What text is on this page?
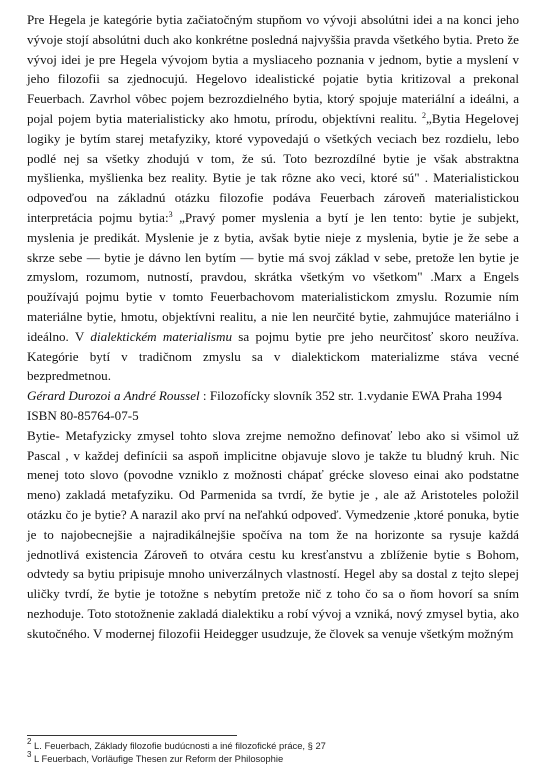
Pre Hegela je kategórie bytia začiatočným stupňom vo vývoji absolútni idei a na konci jeho vývoje stojí absolútni duch ako konkrétne posledná najvyššia pravda všetkého bytia. Preto že vývoj idei je pre Hegela vývojom bytia a mysliaceho poznania v jednom, bytie a myslení v jeho filozofii sa zjednocujú. Hegelovo idealistické pojatie bytia kritizoval a prekonal Feuerbach. Zavrhol vôbec pojem bezrozdielného bytia, ktorý spojuje materiální a ideálni, a pojal pojem bytia materialisticky ako hmotu, prírodu, objektívni realitu. $^2$„Bytia Hegelovej logiky je bytím starej metafyziky, ktoré vypovedajú o všetkých veciach bez rozdielu, lebo podlé nej sa všetky zhodujú v tom, že sú. Toto bezrozdílné bytie je však abstraktna myšlienka, myšlienka bez reality. Bytie je tak rôzne ako veci, ktoré sú" . Materialistickou odpoveďou na základnú otázku filozofie podáva Feuerbach zároveň materialistickou interpretácia pojmu bytia:$^3$ „Pravý pomer myslenia a bytí je len tento: bytie je subjekt, myslenia je predikát. Myslenie je z bytia, avšak bytie nieje z myslenia, bytie je že sebe a skrze sebe — bytie je dávno len bytím — bytie má svoj základ v sebe, pretože len bytie je zmyslom, rozumom, nutností, pravdou, skrátka všetkým vo všetkom" .Marx a Engels používajú pojmu bytie v tomto Feuerbachovom materialistickom zmyslu. Rozumie ním materiálne bytie, hmotu, objektívni realitu, a nie len neurčité bytie, zahmujúce materiálno i ideálno. V dialektickém materialismu sa pojmu bytie pre jeho neurčitosť skoro neužíva. Kategórie bytí v tradičnom zmyslu sa v dialektickom materializme stáva vecné bezpredmetnou.

Gérard Durozoi a André Roussel : Filozofícky slovník 352 str. 1.vydanie EWA Praha 1994

ISBN 80-85764-07-5

Bytie- Metafyzicky zmysel tohto slova zrejme nemožno definovať lebo ako si všimol už Pascal , v každej definícii sa aspoň implicitne objavuje slovo je takže tu bludný kruh. Nic menej toto slovo (povodne vzniklo z možnosti chápať grécke sloveso einai ako podstatne meno) zakladá metafyziku. Od Parmenida sa tvrdí, že bytie je , ale až Aristoteles položil otázku čo je bytie? A narazil ako prví na neľahkú odpoveď. Vymedzenie ,ktoré ponuka, bytie je to najobecnejšie a najradikálnejšie spočíva na tom že na horizonte sa rysuje každá jednotlivá existencia Zároveň to otvára cestu ku kresťanstvu a zblíženie bytie s Bohom, odvtedy sa bytiu pripisuje mnoho univerzálnych vlastností. Hegel aby sa dostal z tejto slepej uličky tvrdí, že bytie je totožne s nebytím pretože nič z toho čo sa o ňom hovorí sa sním nezhoduje. Toto stotožnenie zakladá dialektiku a robí vývoj a vzniká, nový zmysel bytia, ako skutočného. V modernej filozofii Heidegger usudzuje, že človek sa venuje všetkým možným

$^2$ L. Feuerbach, Základy filozofie budúcnosti a iné filozofické práce, § 27

$^3$ L Feuerbach, Vorläufige Thesen zur Reform der Philosophie
